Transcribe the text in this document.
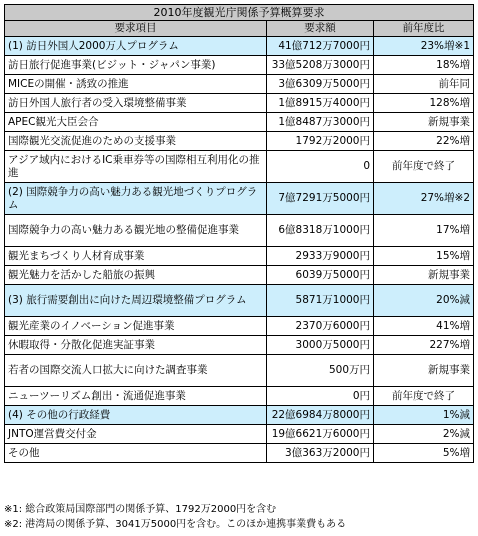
2010年度観光庁関係予算概算要求		
要求項目	要求額	前年度比
(1) 訪日外国人2000万人プログラム	41億712万7000円	23%増※1
訪日旅行促進事業(ビジット・ジャパン事業)	33億5208万3000円	18%増
MICEの開催・誘致の推進	3億6309万5000円	前年同
訪日外国人旅行者の受入環境整備事業	1億8915万4000円	128%増
APEC観光大臣会合	1億8487万3000円	新規事業
国際観光交流促進のための支援事業	1792万2000円	22%増
アジア域内におけるIC乗車券等の国際相互利用化の推進	0	前年度で終了
(2) 国際競争力の高い魅力ある観光地づくりプログラム	7億7291万5000円	27%増※2
国際競争力の高い魅力ある観光地の整備促進事業	6億8318万1000円	17%増
観光まちづくり人材育成事業	2933万9000円	15%増
観光魅力を活かした船旅の振興	6039万5000円	新規事業
(3) 旅行需要創出に向けた周辺環境整備プログラム	5871万1000円	20%減
観光産業のイノベーション促進事業	2370万6000円	41%増
休暇取得・分散化促進実証事業	3000万5000円	227%増
若者の国際交流人口拡大に向けた調査事業	500万円	新規事業
ニューツーリズム創出・流通促進事業	0円	前年度で終了
(4) その他の行政経費	22億6984万8000円	1%減
JNTO運営費交付金	19億6621万6000円	2%減
その他	3億363万2000円	5%増
※1: 総合政策局国際部門の関係予算、1792万2000円を含む
※2: 港湾局の関係予算、3041万5000円を含む。このほか連携事業費もある
